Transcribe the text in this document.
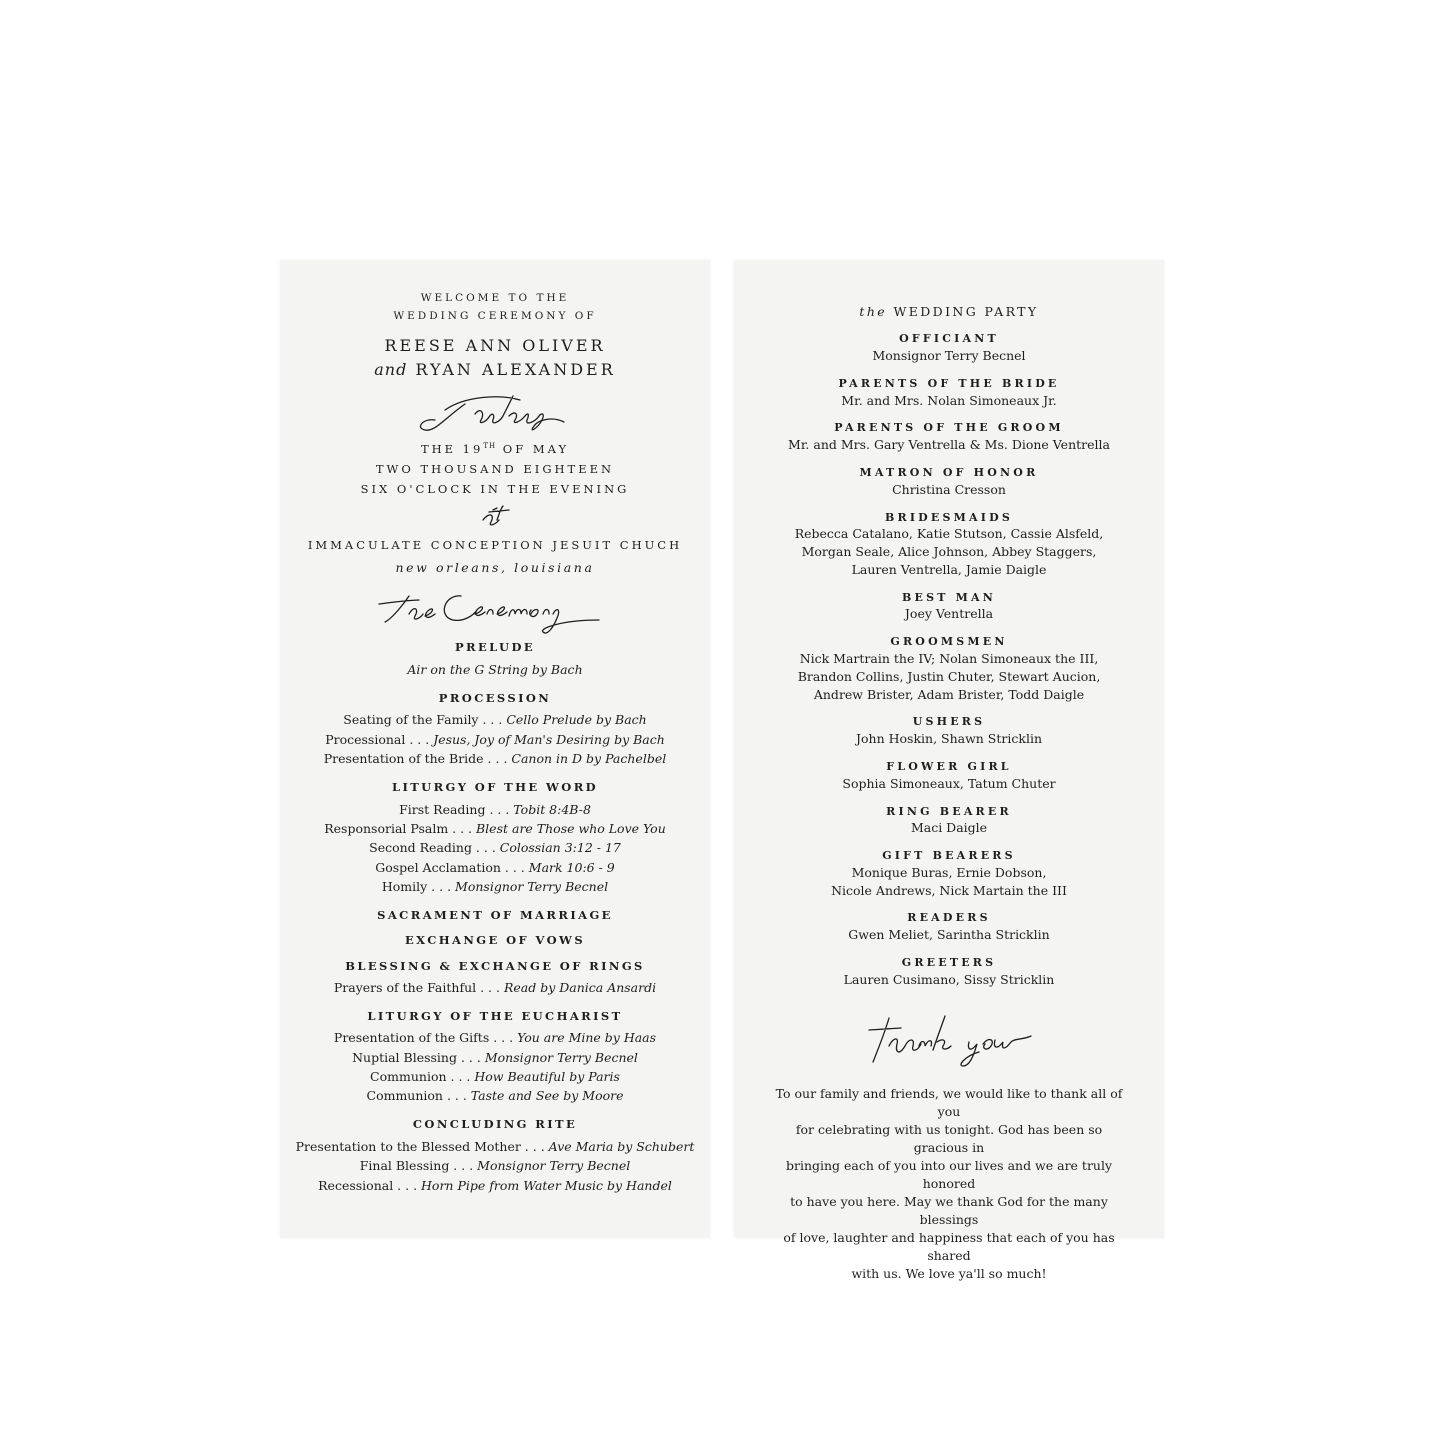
WELCOME TO THE
WEDDING CEREMONY OF
REESE ANN OLIVER
and RYAN ALEXANDER
THE 19TH OF MAY
TWO THOUSAND EIGHTEEN
SIX O'CLOCK IN THE EVENING
IMMACULATE CONCEPTION JESUIT CHUCH
new orleans, louisiana
PRELUDE
Air on the G String by Bach
PROCESSION
Seating of the Family . . . Cello Prelude by Bach
Processional . . . Jesus, Joy of Man's Desiring by Bach
Presentation of the Bride . . . Canon in D by Pachelbel
LITURGY OF THE WORD
First Reading . . . Tobit 8:4B-8
Responsorial Psalm . . . Blest are Those who Love You
Second Reading . . . Colossian 3:12 - 17
Gospel Acclamation . . . Mark 10:6 - 9
Homily . . . Monsignor Terry Becnel
SACRAMENT OF MARRIAGE
EXCHANGE OF VOWS
BLESSING & EXCHANGE OF RINGS
Prayers of the Faithful . . . Read by Danica Ansardi
LITURGY OF THE EUCHARIST
Presentation of the Gifts . . . You are Mine by Haas
Nuptial Blessing . . . Monsignor Terry Becnel
Communion . . . How Beautiful by Paris
Communion . . . Taste and See by Moore
CONCLUDING RITE
Presentation to the Blessed Mother . . . Ave Maria by Schubert
Final Blessing . . . Monsignor Terry Becnel
Recessional . . . Horn Pipe from Water Music by Handel
the WEDDING PARTY
OFFICIANT
Monsignor Terry Becnel
PARENTS OF THE BRIDE
Mr. and Mrs. Nolan Simoneaux Jr.
PARENTS OF THE GROOM
Mr. and Mrs. Gary Ventrella & Ms. Dione Ventrella
MATRON OF HONOR
Christina Cresson
BRIDESMAIDS
Rebecca Catalano, Katie Stutson, Cassie Alsfeld,
Morgan Seale, Alice Johnson, Abbey Staggers,
Lauren Ventrella, Jamie Daigle
BEST MAN
Joey Ventrella
GROOMSMEN
Nick Martrain the IV; Nolan Simoneaux the III,
Brandon Collins, Justin Chuter, Stewart Aucion,
Andrew Brister, Adam Brister, Todd Daigle
USHERS
John Hoskin, Shawn Stricklin
FLOWER GIRL
Sophia Simoneaux, Tatum Chuter
RING BEARER
Maci Daigle
GIFT BEARERS
Monique Buras, Ernie Dobson,
Nicole Andrews, Nick Martain the III
READERS
Gwen Meliet, Sarintha Stricklin
GREETERS
Lauren Cusimano, Sissy Stricklin

To our family and friends, we would like to thank all of you

for celebrating with us tonight. God has been so gracious in

bringing each of you into our lives and we are truly honored

to have you here. May we thank God for the many blessings

of love, laughter and happiness that each of you has shared

with us. We love ya'll so much!
